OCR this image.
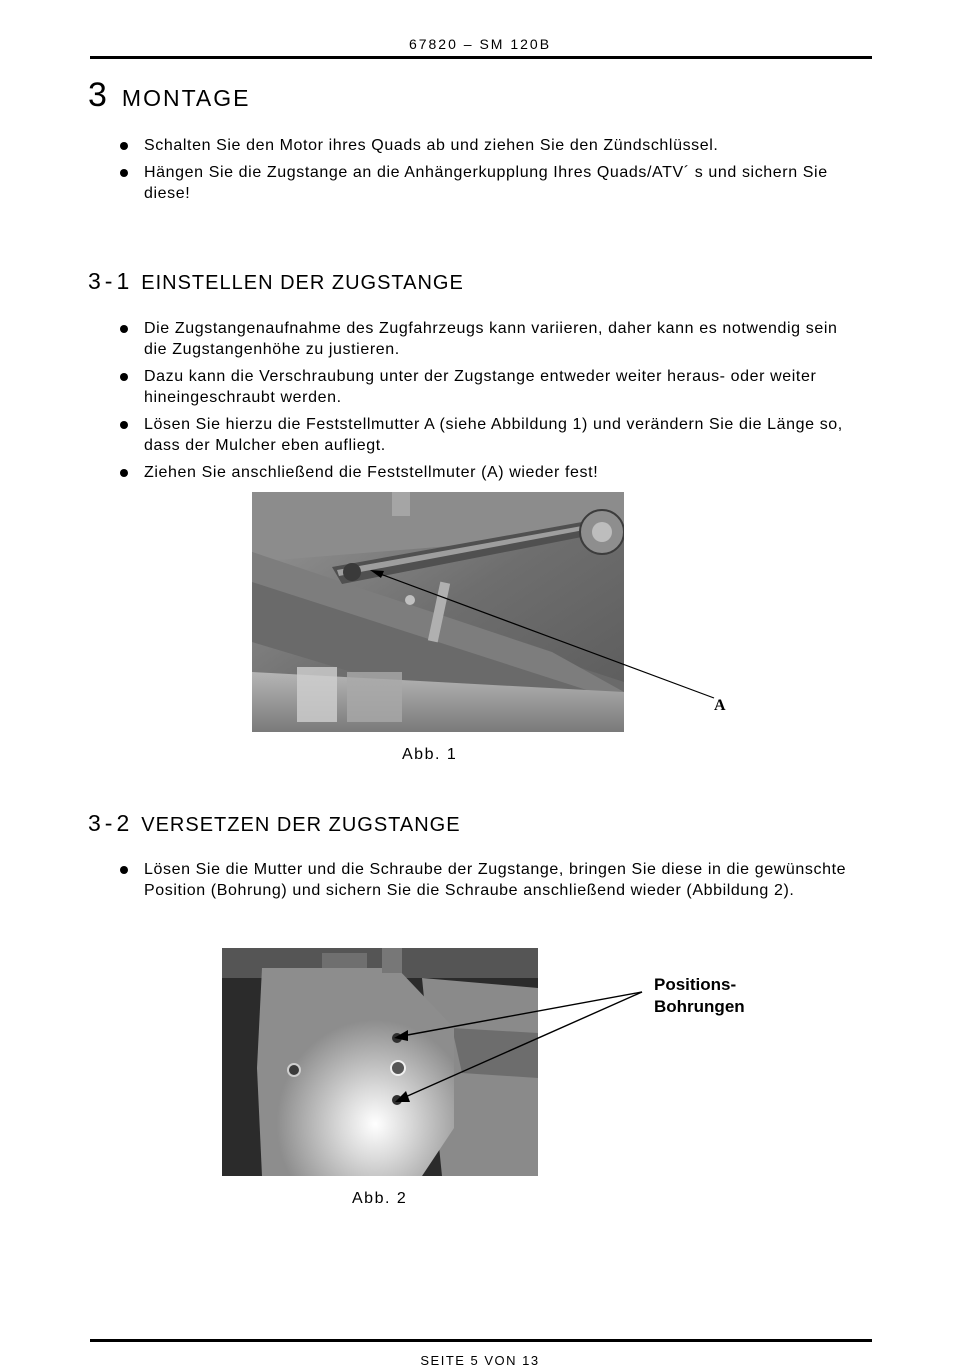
67820 – SM 120B
3 MONTAGE
Schalten Sie den Motor ihres Quads ab und ziehen Sie den Zündschlüssel.
Hängen Sie die Zugstange an die Anhängerkupplung Ihres Quads/ATV´ s und sichern Sie diese!
3-1 EINSTELLEN DER ZUGSTANGE
Die Zugstangenaufnahme des Zugfahrzeugs kann variieren, daher kann es notwendig sein die Zugstangenhöhe zu justieren.
Dazu kann die Verschraubung unter der Zugstange entweder weiter heraus- oder weiter hineingeschraubt werden.
Lösen Sie hierzu die Feststellmutter A (siehe Abbildung 1) und verändern Sie die Länge so, dass der Mulcher eben aufliegt.
Ziehen Sie anschließend die Feststellmuter (A) wieder fest!
A
Abb. 1
3-2 VERSETZEN DER ZUGSTANGE
Lösen Sie die Mutter und die Schraube der Zugstange, bringen Sie diese in die gewünschte Position (Bohrung) und sichern Sie die Schraube anschließend wieder (Abbildung 2).
Positions-
Bohrungen
Abb. 2
SEITE 5 VON 13
